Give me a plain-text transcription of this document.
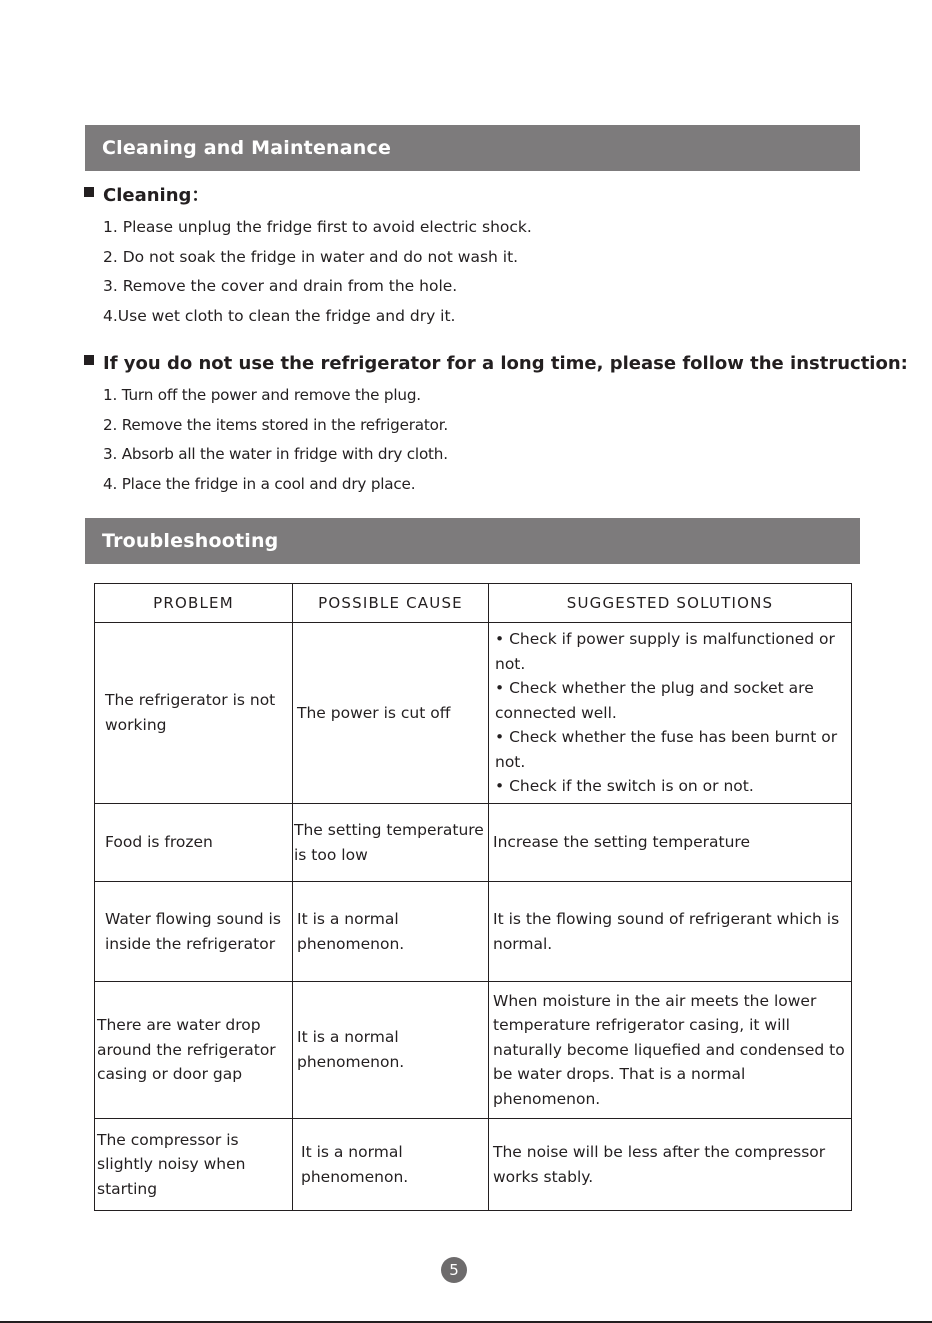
Cleaning and Maintenance
Cleaning：
1. Please unplug the fridge first to avoid electric shock.
2. Do not soak the fridge in water and do not wash it.
3. Remove the cover and drain from the hole.
4.Use wet cloth to clean the fridge and dry it.
If you do not use the refrigerator for a long time, please follow the instruction:
1. Turn off the power and remove the plug.
2. Remove the items stored in the refrigerator.
3. Absorb all the water in fridge with dry cloth.
4. Place the fridge in a cool and dry place.
Troubleshooting
PROBLEM	POSSIBLE CAUSE	SUGGESTED SOLUTIONS
The refrigerator is not working	The power is cut off	• Check if power supply is malfunctioned or not.
• Check whether the plug and socket are connected well.
• Check whether the fuse has been burnt or not.
• Check if the switch is on or not.

Food is frozen	The setting temperature is too low	Increase the setting temperature
Water flowing sound is inside the refrigerator	It is a normal phenomenon.	It is the flowing sound of refrigerant which is normal.
There are water drop around the refrigerator casing or door gap	It is a normal phenomenon.	When moisture in the air meets the lower temperature refrigerator casing, it will naturally become liquefied and condensed to be water drops. That is a normal phenomenon.
The compressor is slightly noisy when starting	It is a normal phenomenon.	The noise will be less after the compressor works stably.
5
